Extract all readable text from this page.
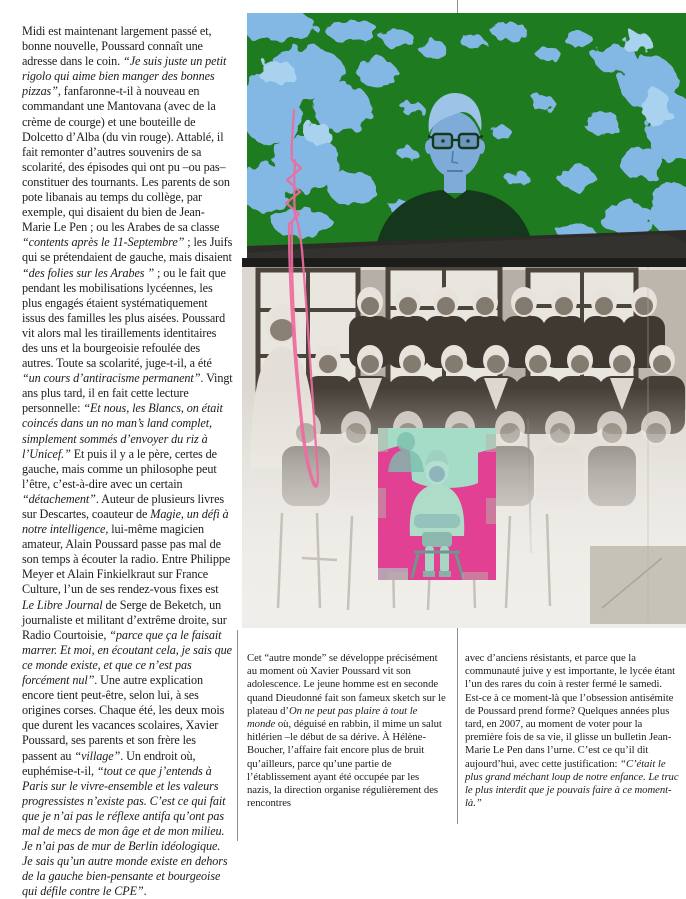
Midi est maintenant largement passé et, bonne nouvelle, Poussard connaît une adresse dans le coin. “Je suis juste un petit rigolo qui aime bien manger des bonnes pizzas”, fanfaronne-t-il à nouveau en commandant une Mantovana (avec de la crème de courge) et une bouteille de Dolcetto d’Alba (du vin rouge). Attablé, il fait remonter d’autres souvenirs de sa scolarité, des épisodes qui ont pu –ou pas– constituer des tournants. Les parents de son pote libanais au temps du collège, par exemple, qui disaient du bien de Jean-Marie Le Pen ; ou les Arabes de sa classe “contents après le 11-Septembre” ; les Juifs qui se prétendaient de gauche, mais disaient “des folies sur les Arabes ” ; ou le fait que pendant les mobilisations lycéennes, les plus engagés étaient systématiquement issus des familles les plus aisées. Poussard vit alors mal les tiraillements identitaires des uns et la bourgeoisie refoulée des autres. Toute sa scolarité, juge-t-il, a été “un cours d’antiracisme permanent”. Vingt ans plus tard, il en fait cette lecture personnelle: “Et nous, les Blancs, on était coincés dans un no man’s land complet, simplement sommés d’envoyer du riz à l’Unicef.” Et puis il y a le père, certes de gauche, mais comme un philosophe peut l’être, c’est-à-dire avec un certain “détachement”. Auteur de plusieurs livres sur Descartes, coauteur de Magie, un défi à notre intelligence, lui-même magicien amateur, Alain Poussard passe pas mal de son temps à écouter la radio. Entre Philippe Meyer et Alain Finkielkraut sur France Culture, l’un de ses rendez-vous fixes est Le Libre Journal de Serge de Beketch, un journaliste et militant d’extrême droite, sur Radio Courtoisie, “parce que ça le faisait marrer. Et moi, en écoutant cela, je sais que ce monde existe, et que ce n’est pas forcément nul”. Une autre explication encore tient peut-être, selon lui, à ses origines corses. Chaque été, les deux mois que durent les vacances scolaires, Xavier Poussard, ses parents et son frère les passent au “village”. Un endroit où, euphémise-t-il, “tout ce que j’entends à Paris sur le vivre-ensemble et les valeurs progressistes n’existe pas. C’est ce qui fait que je n’ai pas le réflexe antifa qu’ont pas mal de mecs de mon âge et de mon milieu. Je n’ai pas de mur de Berlin idéologique. Je sais qu’un autre monde existe en dehors de la gauche bien-pensante et bourgeoise qui défile contre le CPE”.
Cet “autre monde” se développe précisément au moment où Xavier Poussard vit son adolescence. Le jeune homme est en seconde quand Dieudonné fait son fameux sketch sur le plateau d’On ne peut pas plaire à tout le monde où, déguisé en rabbin, il mime un salut hitlérien –le début de sa dérive. À Hélène-Boucher, l’affaire fait encore plus de bruit qu’ailleurs, parce qu’une partie de l’établissement ayant été occupée par les nazis, la direction organise régulièrement des rencontres
avec d’anciens résistants, et parce que la communauté juive y est importante, le lycée étant l’un des rares du coin à rester fermé le samedi. Est-ce à ce moment-là que l’obsession antisémite de Poussard prend forme? Quelques années plus tard, en 2007, au moment de voter pour la première fois de sa vie, il glisse un bulletin Jean-Marie Le Pen dans l’urne. C’est ce qu’il dit aujourd’hui, avec cette justification: “C’était le plus grand méchant loup de notre enfance. Le truc le plus interdit que je pouvais faire à ce moment-là.”
